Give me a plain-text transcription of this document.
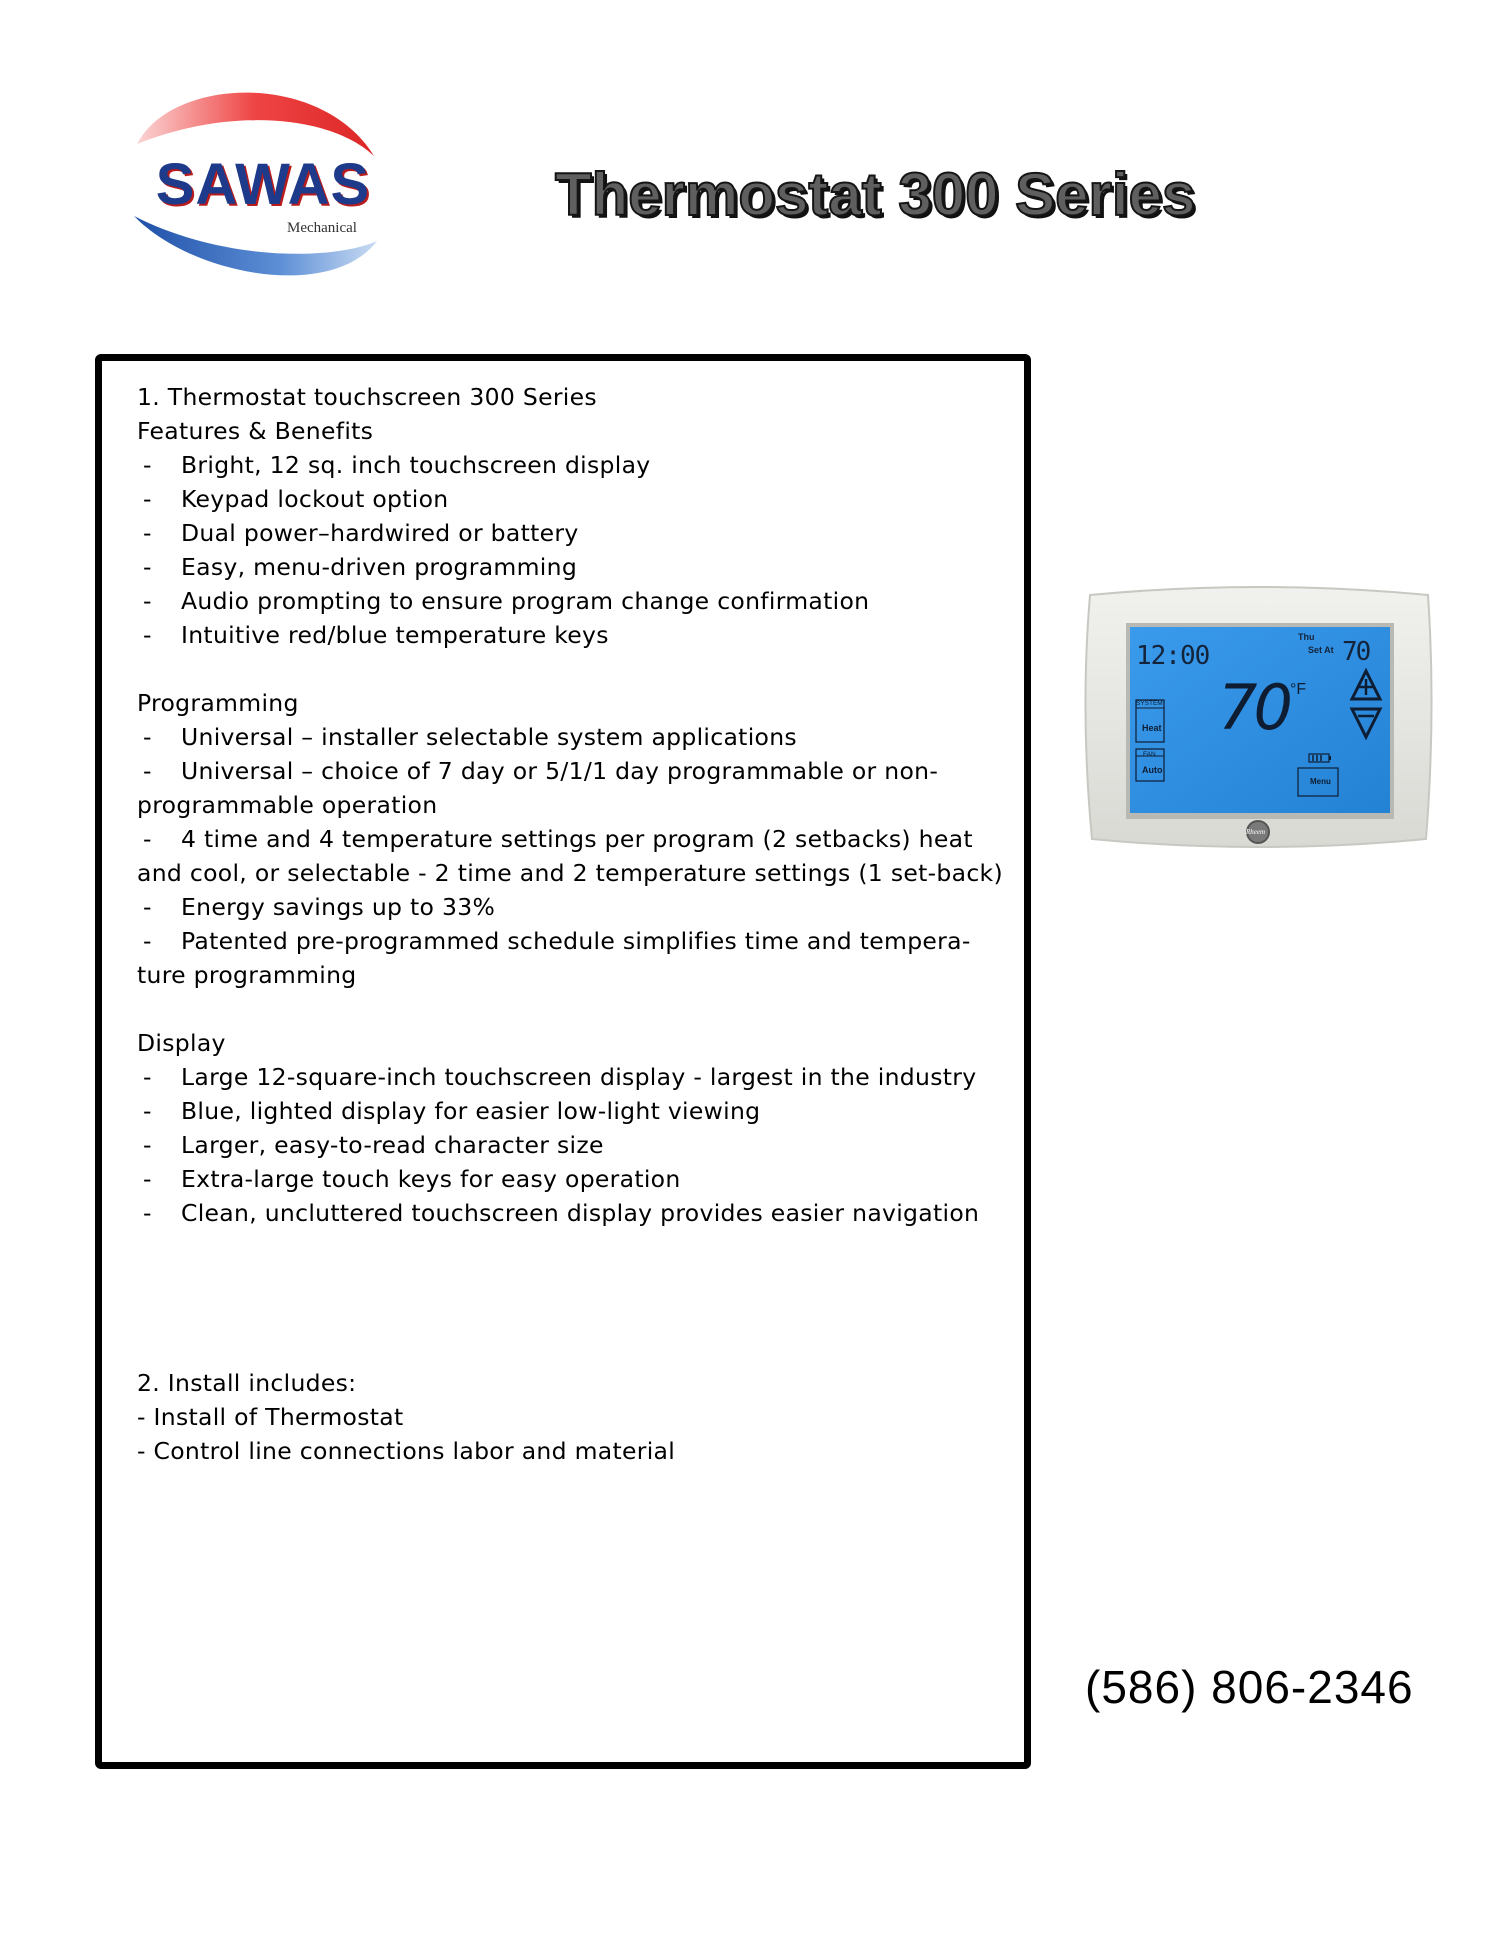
SAWAS
Mechanical	Thermostat 300 Series

1. Thermostat touchscreen 300 Series

Features & Benefits

-	Bright, 12 sq. inch touchscreen display
-	Keypad lockout option
-	Dual power–hardwired or battery
-	Easy, menu-driven programming
-	Audio prompting to ensure program change confirmation
-	Intuitive red/blue temperature keys

Programming

-	Universal – installer selectable system applications

- Universal – choice of 7 day or 5/1/1 day programmable or non-programmable operation

- 4 time and 4 temperature settings per program (2 setbacks) heat and cool, or selectable - 2 time and 2 temperature settings (1 set-back)

-	Energy savings up to 33%

- Patented pre-programmed schedule simplifies time and tempera-ture programming

Display

- Large 12-square-inch touchscreen display - largest in the industry

-	Blue, lighted display for easier low-light viewing
-	Larger, easy-to-read character size
-	Extra-large touch keys for easy operation

- Clean, uncluttered touchscreen display provides easier navigation

2. Install includes:

- Install of Thermostat

- Control line connections labor and material

12:00
Thu
Set At 70
70 °F
SYSTEM
Heat
FAN
Auto
Menu
Rheem
(586) 806-2346
